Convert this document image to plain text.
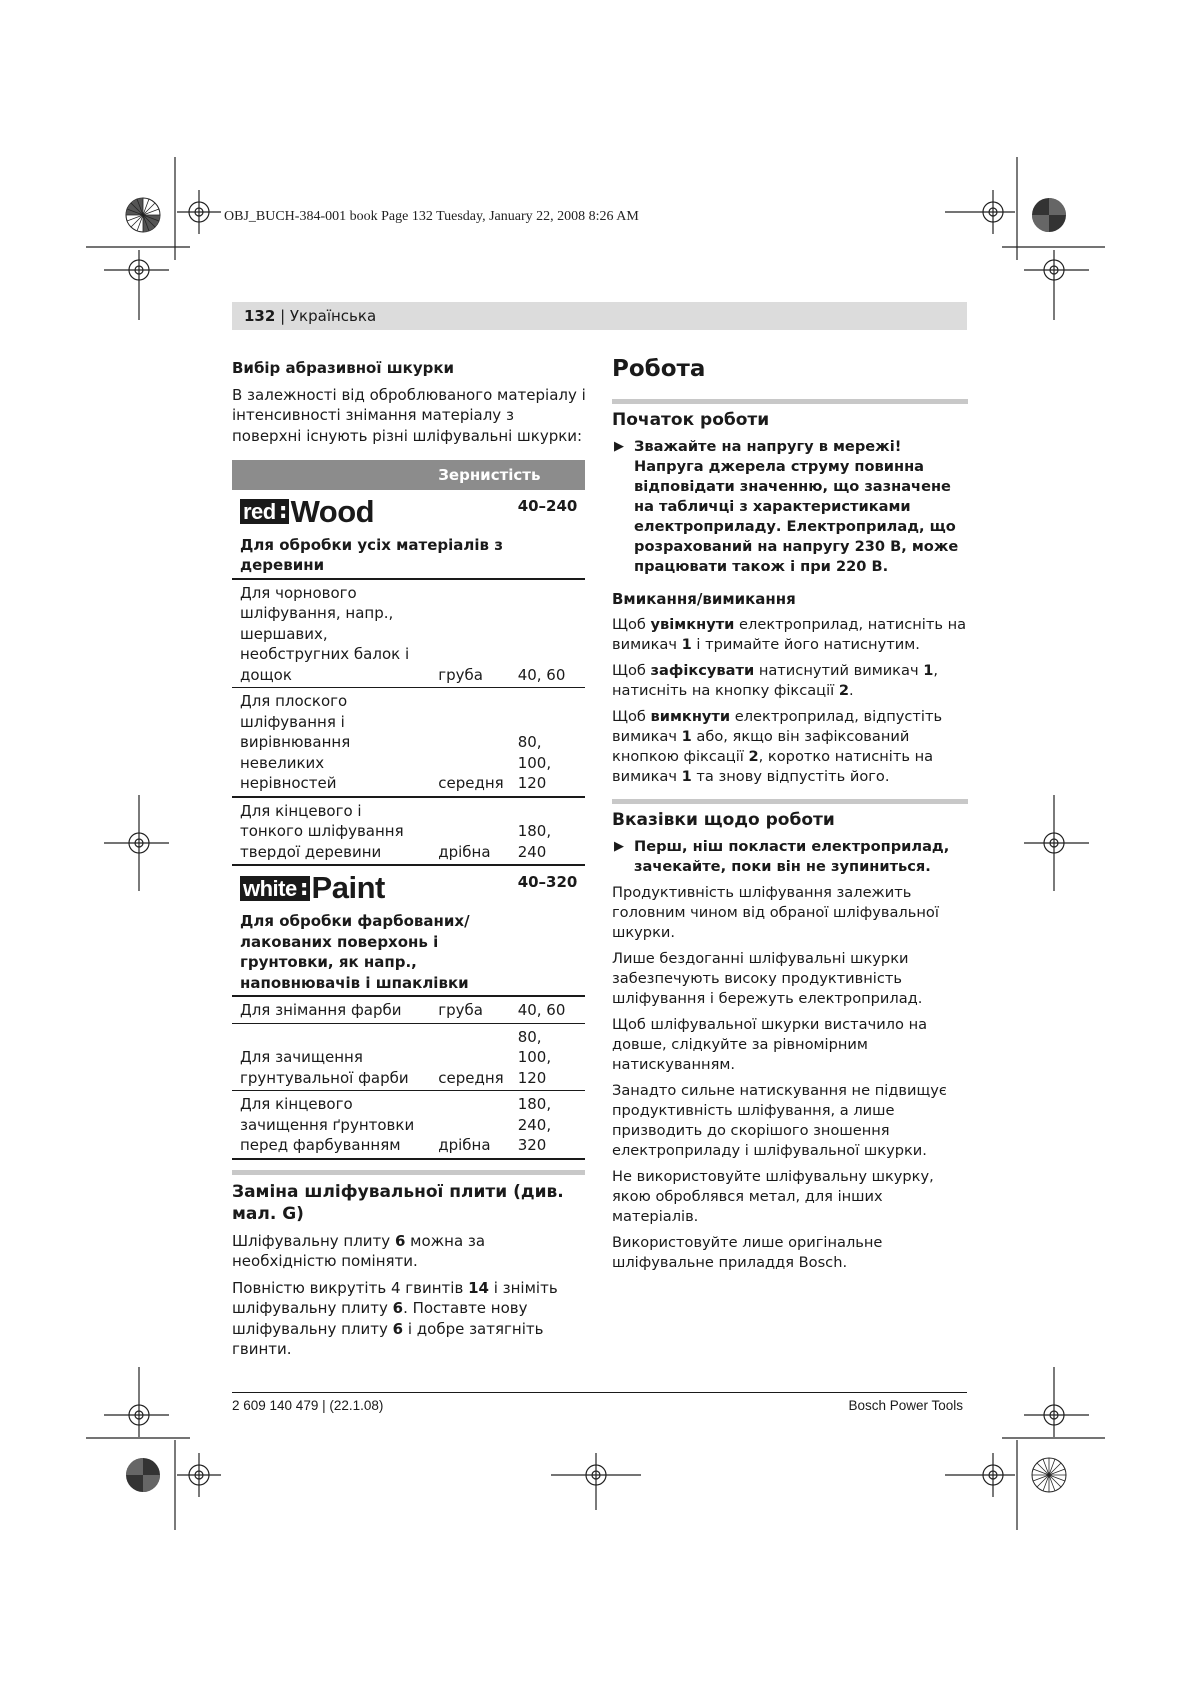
OBJ_BUCH-384-001 book Page 132 Tuesday, January 22, 2008 8:26 AM
132 | Українська
Вибір абразивної шкурки

В залежності від оброблюваного матеріалу і інтенсивності знімання матеріалу з поверхні існують різні шліфувальні шкурки:

	Зернистість	

red : Wood		40–240
Для обробки усіх матеріалів з деревини		
Для чорнового шліфування, напр., шершавих, необстругних балок і дощок	груба	40, 60
Для плоского шліфування і вирівнювання невеликих нерівностей	середня	80, 100, 120
Для кінцевого і тонкого шліфування твердої деревини	дрібна	180, 240

white : Paint		40–320
Для обробки фарбованих/лакованих поверхонь і грунтовки, як напр., наповнювачів і шпаклівки		
Для знімання фарби	груба	40, 60
Для зачищення грунтувальної фарби	середня	80, 100, 120
Для кінцевого зачищення ґрунтовки перед фарбуванням	дрібна	180, 240, 320
Заміна шліфувальної плити (див. мал. G)

Шліфувальну плиту 6 можна за необхідністю поміняти.

Повністю викрутіть 4 гвинтів 14 і зніміть шліфувальну плиту 6. Поставте нову шліфувальну плиту 6 і добре затягніть гвинти.

Робота
Початок роботи
▶ Зважайте на напругу в мережі! Напруга джерела струму повинна відповідати значенню, що зазначене на табличці з характеристиками електроприладу. Електроприлад, що розрахований на напругу 230 В, може працювати також і при 220 В.
Вмикання/вимикання

Щоб увімкнути електроприлад, натисніть на вимикач 1 і тримайте його натиснутим.

Щоб зафіксувати натиснутий вимикач 1, натисніть на кнопку фіксації 2.

Щоб вимкнути електроприлад, відпустіть вимикач 1 або, якщо він зафіксований кнопкою фіксації 2, коротко натисніть на вимикач 1 та знову відпустіть його.

Вказівки щодо роботи
▶ Перш, ніш покласти електроприлад, зачекайте, поки він не зупиниться.

Продуктивність шліфування залежить головним чином від обраної шліфувальної шкурки.

Лише бездоганні шліфувальні шкурки забезпечують високу продуктивність шліфування і бережуть електроприлад.

Щоб шліфувальної шкурки вистачило на довше, слідкуйте за рівномірним натискуванням.

Занадто сильне натискування не підвищує продуктивність шліфування, а лише призводить до скорішого зношення електроприладу і шліфувальної шкурки.

Не використовуйте шліфувальну шкурку, якою оброблявся метал, для інших матеріалів.

Використовуйте лише оригінальне шліфувальне приладдя Bosch.

2 609 140 479 | (22.1.08)	Bosch Power Tools
